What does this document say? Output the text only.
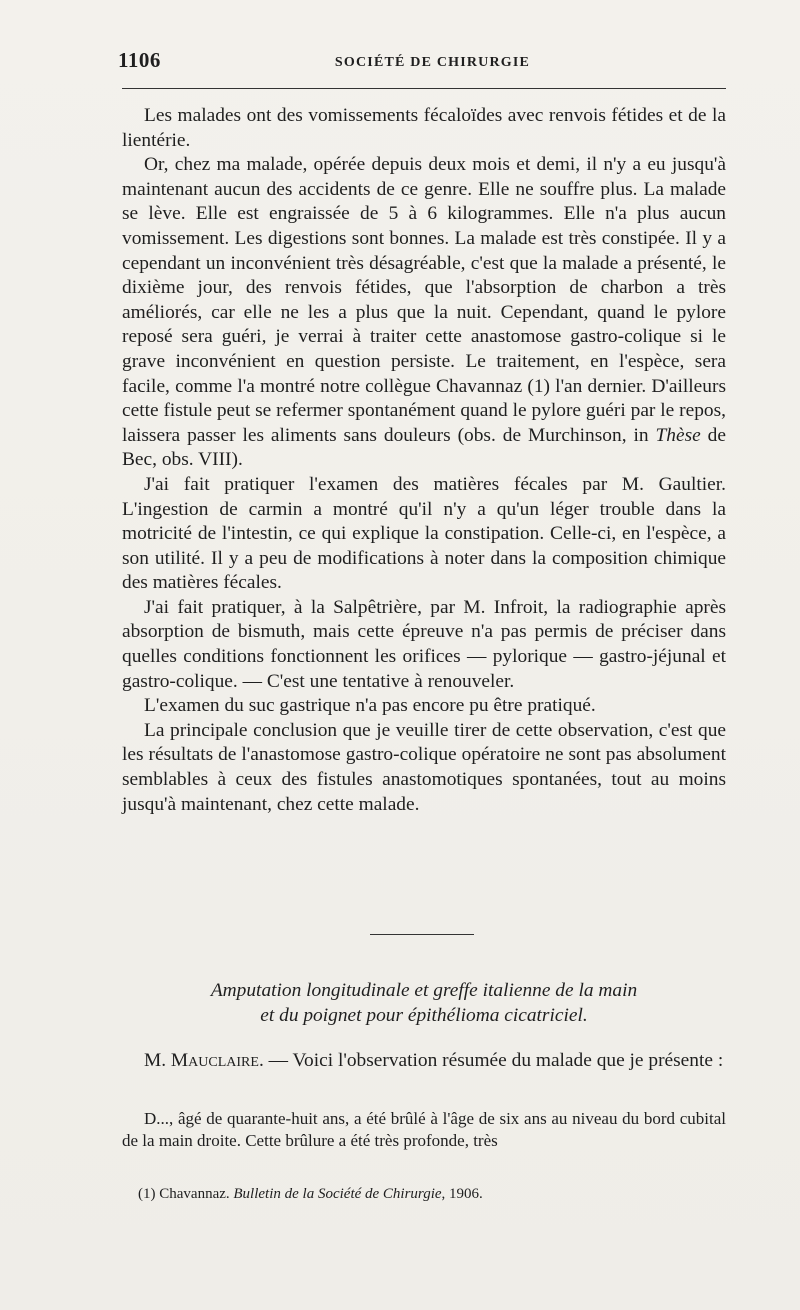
1106	SOCIÉTÉ DE CHIRURGIE

Les malades ont des vomissements fécaloïdes avec renvois fétides et de la lientérie.

Or, chez ma malade, opérée depuis deux mois et demi, il n'y a eu jusqu'à maintenant aucun des accidents de ce genre. Elle ne souffre plus. La malade se lève. Elle est engraissée de 5 à 6 kilogrammes. Elle n'a plus aucun vomissement. Les digestions sont bonnes. La malade est très constipée. Il y a cependant un inconvénient très désagréable, c'est que la malade a présenté, le dixième jour, des renvois fétides, que l'absorption de charbon a très améliorés, car elle ne les a plus que la nuit. Cependant, quand le pylore reposé sera guéri, je verrai à traiter cette anastomose gastro-colique si le grave inconvénient en question persiste. Le traitement, en l'espèce, sera facile, comme l'a montré notre collègue Chavannaz (1) l'an dernier. D'ailleurs cette fistule peut se refermer spontanément quand le pylore guéri par le repos, laissera passer les aliments sans douleurs (obs. de Murchinson, in Thèse de Bec, obs. VIII).

J'ai fait pratiquer l'examen des matières fécales par M. Gaultier. L'ingestion de carmin a montré qu'il n'y a qu'un léger trouble dans la motricité de l'intestin, ce qui explique la constipation. Celle-ci, en l'espèce, a son utilité. Il y a peu de modifications à noter dans la composition chimique des matières fécales.

J'ai fait pratiquer, à la Salpêtrière, par M. Infroit, la radiographie après absorption de bismuth, mais cette épreuve n'a pas permis de préciser dans quelles conditions fonctionnent les orifices — pylorique — gastro-jéjunal et gastro-colique. — C'est une tentative à renouveler.

L'examen du suc gastrique n'a pas encore pu être pratiqué.

La principale conclusion que je veuille tirer de cette observation, c'est que les résultats de l'anastomose gastro-colique opératoire ne sont pas absolument semblables à ceux des fistules anastomotiques spontanées, tout au moins jusqu'à maintenant, chez cette malade.

Amputation longitudinale et greffe italienne de la main
et du poignet pour épithélioma cicatriciel.
M. Mauclaire. — Voici l'observation résumée du malade que je présente :
D..., âgé de quarante-huit ans, a été brûlé à l'âge de six ans au niveau du bord cubital de la main droite. Cette brûlure a été très profonde, très
(1) Chavannaz. Bulletin de la Société de Chirurgie, 1906.
